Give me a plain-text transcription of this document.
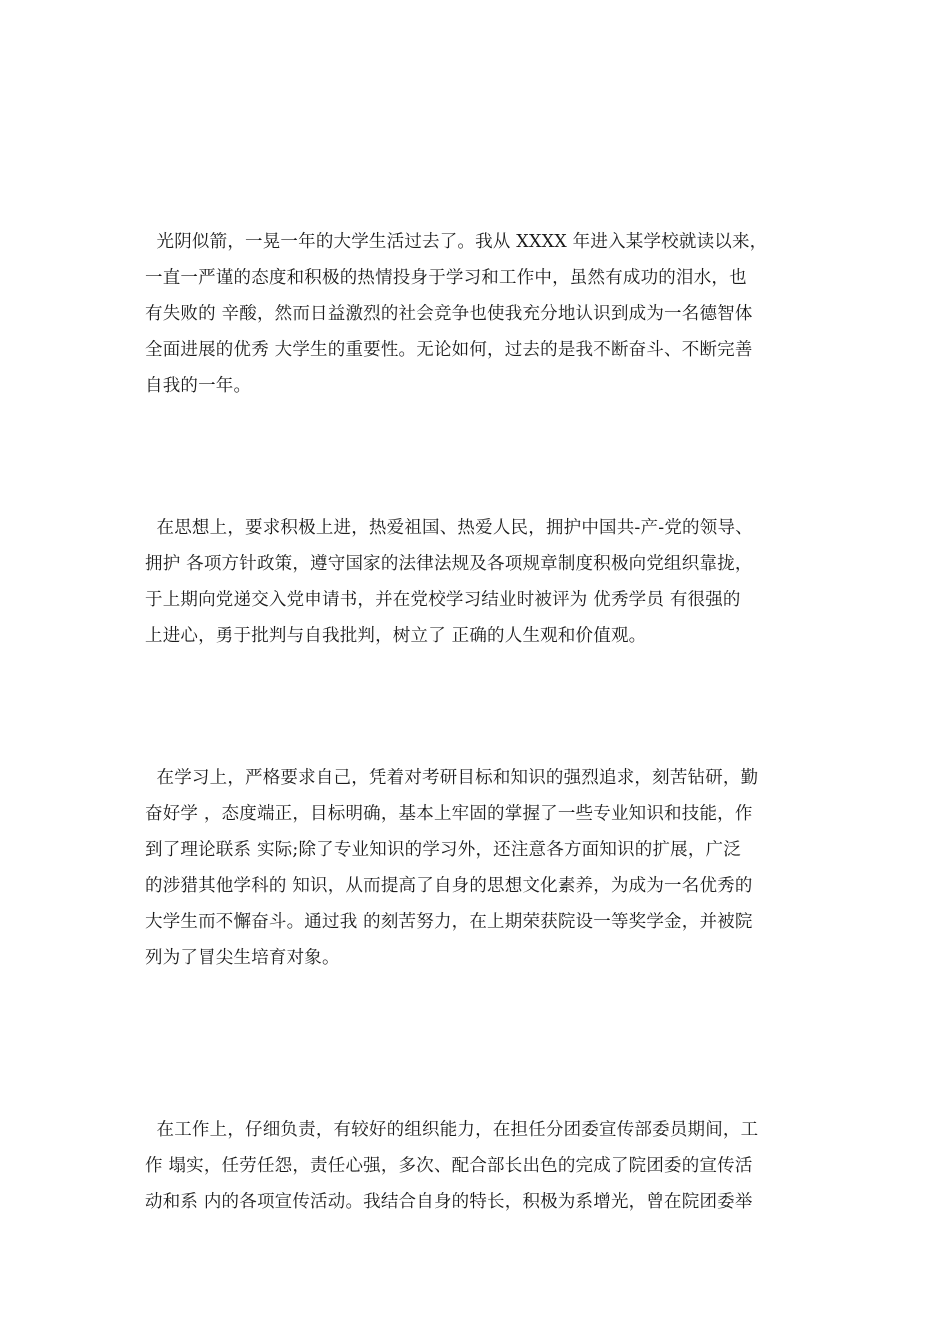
光阴似箭，一晃一年的大学生活过去了。我从 XXXX 年进入某学校就读以来，
一直一严谨的态度和积极的热情投身于学习和工作中，虽然有成功的泪水，也
有失败的 辛酸，然而日益激烈的社会竞争也使我充分地认识到成为一名德智体
全面进展的优秀 大学生的重要性。无论如何，过去的是我不断奋斗、不断完善
自我的一年。

在思想上，要求积极上进，热爱祖国、热爱人民，拥护中国共-产-党的领导、
拥护 各项方针政策，遵守国家的法律法规及各项规章制度积极向党组织靠拢，
于上期向党递交入党申请书，并在党校学习结业时被评为 优秀学员 有很强的
上进心，勇于批判与自我批判，树立了 正确的人生观和价值观。

在学习上，严格要求自己，凭着对考研目标和知识的强烈追求，刻苦钻研，勤
奋好学 ，态度端正，目标明确，基本上牢固的掌握了一些专业知识和技能，作
到了理论联系 实际;除了专业知识的学习外，还注意各方面知识的扩展，广泛
的涉猎其他学科的 知识，从而提高了自身的思想文化素养，为成为一名优秀的
大学生而不懈奋斗。通过我 的刻苦努力，在上期荣获院设一等奖学金，并被院
列为了冒尖生培育对象。

在工作上，仔细负责，有较好的组织能力，在担任分团委宣传部委员期间，工
作 塌实，任劳任怨，责任心强，多次、配合部长出色的完成了院团委的宣传活
动和系 内的各项宣传活动。我结合自身的特长，积极为系增光，曾在院团委举
